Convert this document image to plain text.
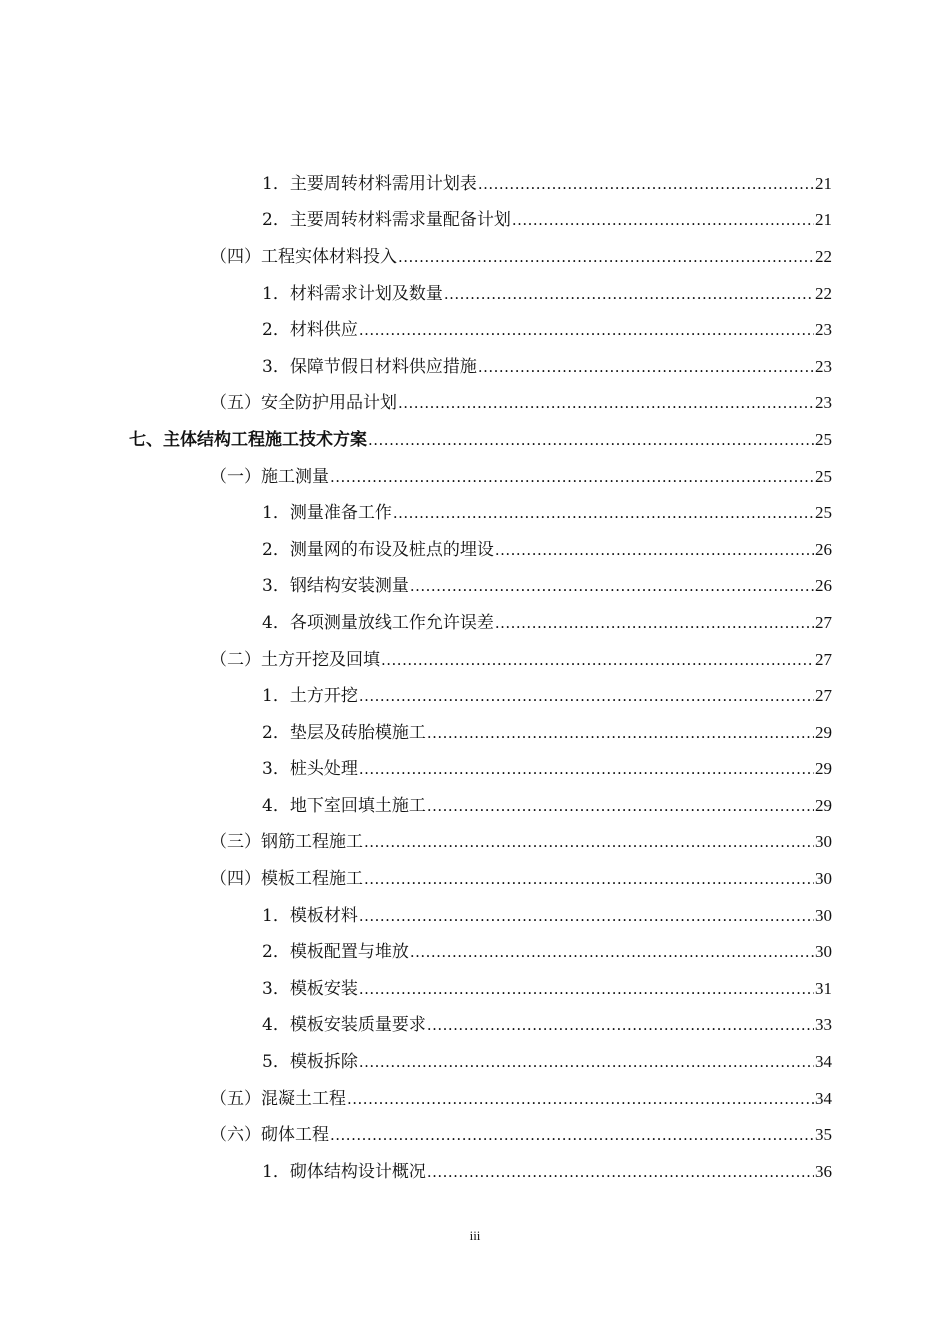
1．主要周转材料需用计划表 .....	21
2．主要周转材料需求量配备计划 .....	21
（四）工程实体材料投入 .....	22
1．材料需求计划及数量 .....	22
2．材料供应 .....	23
3．保障节假日材料供应措施 .....	23
（五）安全防护用品计划 .....	23
七、主体结构工程施工技术方案 .....	25
（一）施工测量 .....	25
1．测量准备工作 .....	25
2．测量网的布设及桩点的埋设 .....	26
3．钢结构安装测量 .....	26
4．各项测量放线工作允许误差 .....	27
（二）土方开挖及回填 .....	27
1．土方开挖 .....	27
2．垫层及砖胎模施工 .....	29
3．桩头处理 .....	29
4．地下室回填土施工 .....	29
（三）钢筋工程施工 .....	30
（四）模板工程施工 .....	30
1．模板材料 .....	30
2．模板配置与堆放 .....	30
3．模板安装 .....	31
4．模板安装质量要求 .....	33
5．模板拆除 .....	34
（五）混凝土工程 .....	34
（六）砌体工程 .....	35
1．砌体结构设计概况 .....	36
iii
